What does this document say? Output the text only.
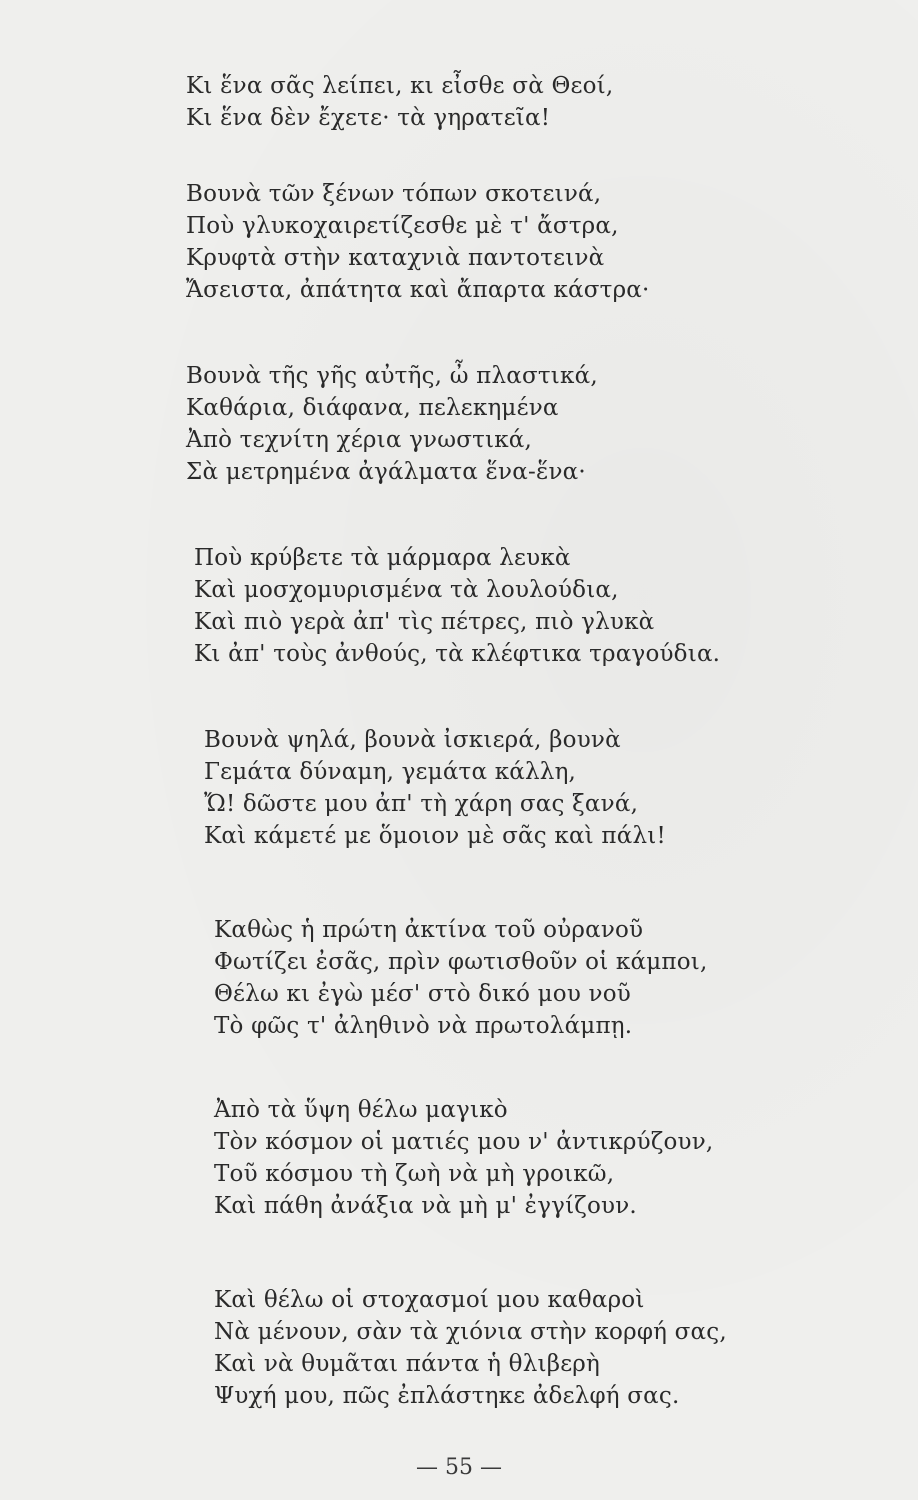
Κι ἕνα σᾶς λείπει, κι εἶσθε σὰ Θεοί,
Κι ἕνα δὲν ἔχετε· τὰ γηρατεῖα!
Βουνὰ τῶν ξένων τόπων σκοτεινά,
Ποὺ γλυκοχαιρετίζεσθε μὲ τ' ἄστρα,
Κρυφτὰ στὴν καταχνιὰ παντοτεινὰ
Ἄσειστα, ἀπάτητα καὶ ἄπαρτα κάστρα·
Βουνὰ τῆς γῆς αὐτῆς, ὦ πλαστικά,
Καθάρια, διάφανα, πελεκημένα
Ἀπὸ τεχνίτη χέρια γνωστικά,
Σὰ μετρημένα ἀγάλματα ἕνα-ἕνα·
Ποὺ κρύβετε τὰ μάρμαρα λευκὰ
Καὶ μοσχομυρισμένα τὰ λουλούδια,
Καὶ πιὸ γερὰ ἀπ' τὶς πέτρες, πιὸ γλυκὰ
Κι ἀπ' τοὺς ἀνθούς, τὰ κλέφτικα τραγούδια.
Βουνὰ ψηλά, βουνὰ ἰσκιερά, βουνὰ
Γεμάτα δύναμη, γεμάτα κάλλη,
Ὤ! δῶστε μου ἀπ' τὴ χάρη σας ξανά,
Καὶ κάμετέ με ὅμοιον μὲ σᾶς καὶ πάλι!
Καθὼς ἡ πρώτη ἀκτίνα τοῦ οὐρανοῦ
Φωτίζει ἐσᾶς, πρὶν φωτισθοῦν οἱ κάμποι,
Θέλω κι ἐγὼ μέσ' στὸ δικό μου νοῦ
Τὸ φῶς τ' ἀληθινὸ νὰ πρωτολάμπῃ.
Ἀπὸ τὰ ὕψη θέλω μαγικὸ
Τὸν κόσμον οἱ ματιές μου ν' ἀντικρύζουν,
Τοῦ κόσμου τὴ ζωὴ νὰ μὴ γροικῶ,
Καὶ πάθη ἀνάξια νὰ μὴ μ' ἐγγίζουν.
Καὶ θέλω οἱ στοχασμοί μου καθαροὶ
Νὰ μένουν, σὰν τὰ χιόνια στὴν κορφή σας,
Καὶ νὰ θυμᾶται πάντα ἡ θλιβερὴ
Ψυχή μου, πῶς ἐπλάστηκε ἀδελφή σας.
— 55 —
